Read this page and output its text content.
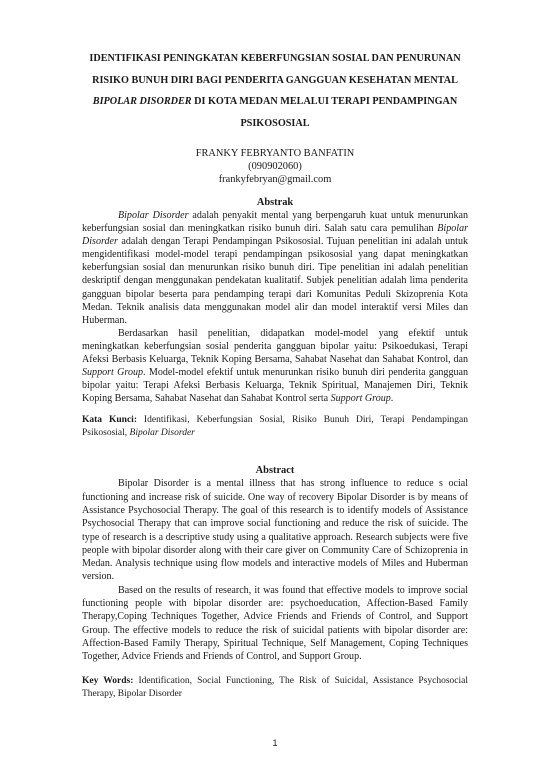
IDENTIFIKASI PENINGKATAN KEBERFUNGSIAN SOSIAL DAN PENURUNAN
RISIKO BUNUH DIRI BAGI PENDERITA GANGGUAN KESEHATAN MENTAL
BIPOLAR DISORDER DI KOTA MEDAN MELALUI TERAPI PENDAMPINGAN
PSIKOSOSIAL
FRANKY FEBRYANTO BANFATIN
(090902060)
frankyfebryan@gmail.com
Abstrak

Bipolar Disorder adalah penyakit mental yang berpengaruh kuat untuk menurunkan keberfungsian sosial dan meningkatkan risiko bunuh diri. Salah satu cara pemulihan Bipolar Disorder adalah dengan Terapi Pendampingan Psikososial. Tujuan penelitian ini adalah untuk mengidentifikasi model-model terapi pendampingan psikososial yang dapat meningkatkan keberfungsian sosial dan menurunkan risiko bunuh diri. Tipe penelitian ini adalah penelitian deskriptif dengan menggunakan pendekatan kualitatif. Subjek penelitian adalah lima penderita gangguan bipolar beserta para pendamping terapi dari Komunitas Peduli Skizoprenia Kota Medan. Teknik analisis data menggunakan model alir dan model interaktif versi Miles dan Huberman.

Berdasarkan hasil penelitian, didapatkan model-model yang efektif untuk meningkatkan keberfungsian sosial penderita gangguan bipolar yaitu: Psikoedukasi, Terapi Afeksi Berbasis Keluarga, Teknik Koping Bersama, Sahabat Nasehat dan Sahabat Kontrol, dan Support Group. Model-model efektif untuk menurunkan risiko bunuh diri penderita gangguan bipolar yaitu: Terapi Afeksi Berbasis Keluarga, Teknik Spiritual, Manajemen Diri, Teknik Koping Bersama, Sahabat Nasehat dan Sahabat Kontrol serta Support Group.

Kata Kunci: Identifikasi, Keberfungsian Sosial, Risiko Bunuh Diri, Terapi Pendampingan Psikososial, Bipolar Disorder
Abstract

Bipolar Disorder is a mental illness that has strong influence to reduce s ocial functioning and increase risk of suicide. One way of recovery Bipolar Disorder is by means of Assistance Psychosocial Therapy. The goal of this research is to identify models of Assistance Psychosocial Therapy that can improve social functioning and reduce the risk of suicide. The type of research is a descriptive study using a qualitative approach. Research subjects were five people with bipolar disorder along with their care giver on Community Care of Schizoprenia in Medan. Analysis technique using flow models and interactive models of Miles and Huberman version.

Based on the results of research, it was found that effective models to improve social functioning people with bipolar disorder are: psychoeducation, Affection-Based Family Therapy,Coping Techniques Together, Advice Friends and Friends of Control, and Support Group. The effective models to reduce the risk of suicidal patients with bipolar disorder are: Affection-Based Family Therapy, Spiritual Technique, Self Management, Coping Techniques Together, Advice Friends and Friends of Control, and Support Group.

Key Words: Identification, Social Functioning, The Risk of Suicidal, Assistance Psychosocial Therapy, Bipolar Disorder
1
